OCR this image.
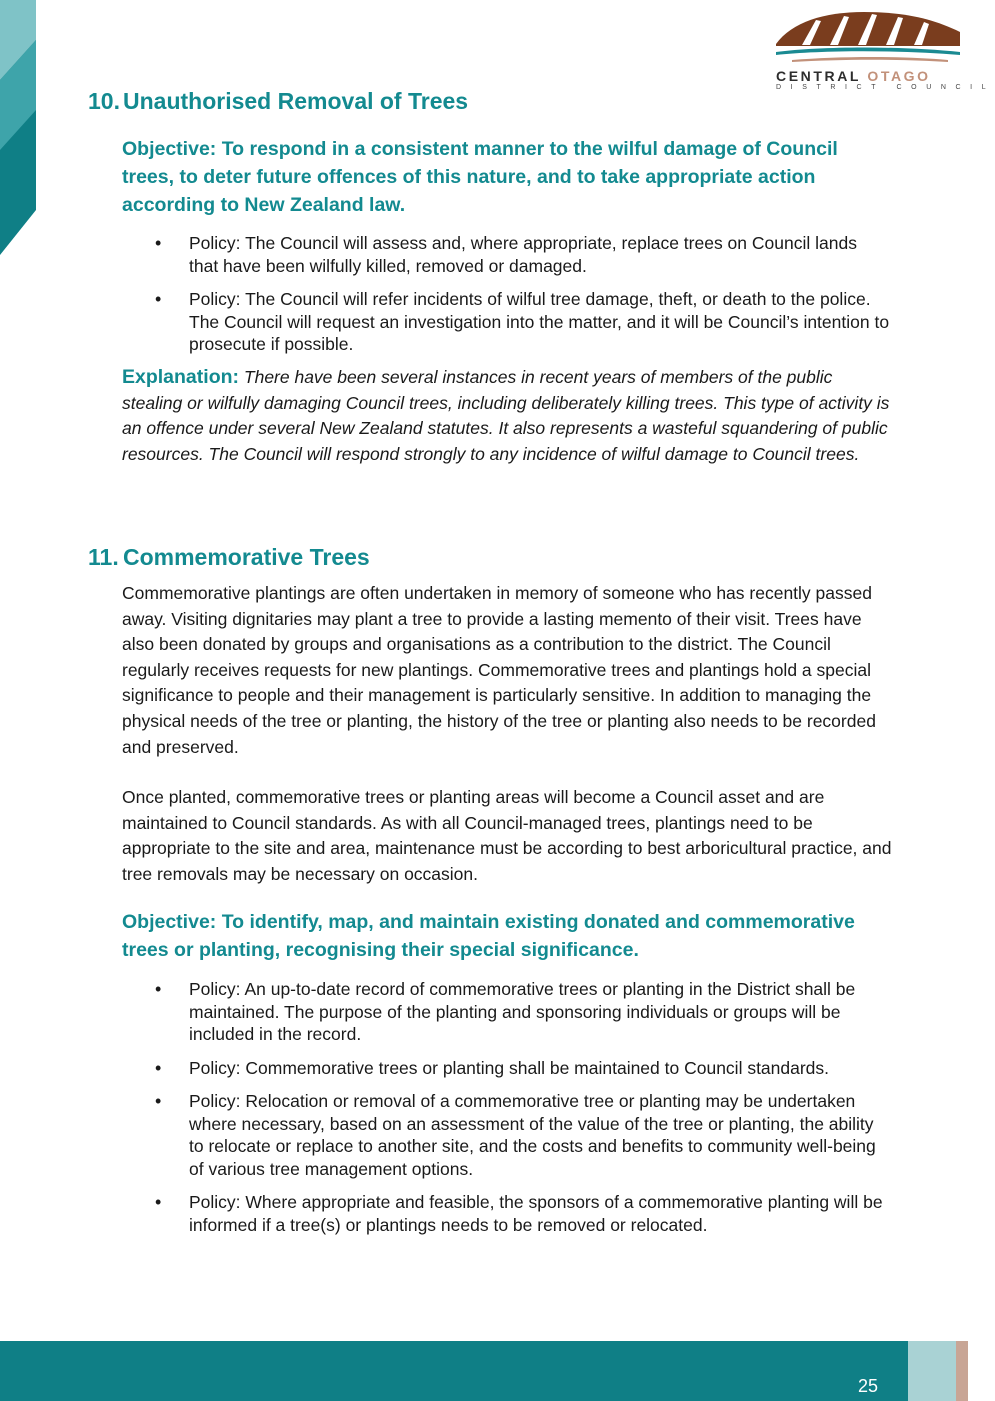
CENTRAL OTAGO
DISTRICT COUNCIL
10. Unauthorised Removal of Trees

Objective: To respond in a consistent manner to the wilful damage of Council trees, to deter future offences of this nature, and to take appropriate action according to New Zealand law.

• Policy: The Council will assess and, where appropriate, replace trees on Council lands that have been wilfully killed, removed or damaged.
• Policy: The Council will refer incidents of wilful tree damage, theft, or death to the police. The Council will request an investigation into the matter, and it will be Council’s intention to prosecute if possible.

Explanation: There have been several instances in recent years of members of the public stealing or wilfully damaging Council trees, including deliberately killing trees. This type of activity is an offence under several New Zealand statutes. It also represents a wasteful squandering of public resources. The Council will respond strongly to any incidence of wilful damage to Council trees.

11. Commemorative Trees

Commemorative plantings are often undertaken in memory of someone who has recently passed away. Visiting dignitaries may plant a tree to provide a lasting memento of their visit. Trees have also been donated by groups and organisations as a contribution to the district. The Council regularly receives requests for new plantings. Commemorative trees and plantings hold a special significance to people and their management is particularly sensitive. In addition to managing the physical needs of the tree or planting, the history of the tree or planting also needs to be recorded and preserved.

Once planted, commemorative trees or planting areas will become a Council asset and are maintained to Council standards. As with all Council-managed trees, plantings need to be appropriate to the site and area, maintenance must be according to best arboricultural practice, and tree removals may be necessary on occasion.

Objective: To identify, map, and maintain existing donated and commemorative trees or planting, recognising their special significance.

• Policy: An up-to-date record of commemorative trees or planting in the District shall be maintained. The purpose of the planting and sponsoring individuals or groups will be included in the record.
• Policy: Commemorative trees or planting shall be maintained to Council standards.
• Policy: Relocation or removal of a commemorative tree or planting may be undertaken where necessary, based on an assessment of the value of the tree or planting, the ability to relocate or replace to another site, and the costs and benefits to community well-being of various tree management options.
• Policy: Where appropriate and feasible, the sponsors of a commemorative planting will be informed if a tree(s) or plantings needs to be removed or relocated.
25
